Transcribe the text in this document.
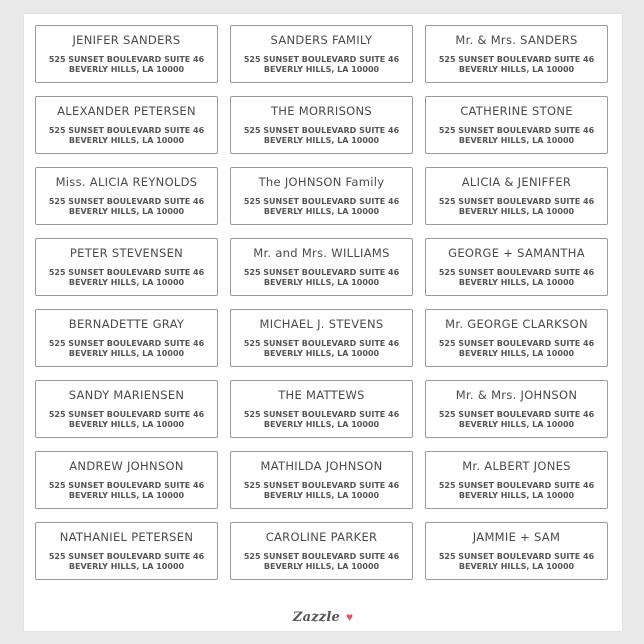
JENIFER SANDERS
525 SUNSET BOULEVARD SUITE 46
BEVERLY HILLS, LA 10000
SANDERS FAMILY
525 SUNSET BOULEVARD SUITE 46
BEVERLY HILLS, LA 10000
Mr. & Mrs. SANDERS
525 SUNSET BOULEVARD SUITE 46
BEVERLY HILLS, LA 10000
ALEXANDER PETERSEN
525 SUNSET BOULEVARD SUITE 46
BEVERLY HILLS, LA 10000
THE MORRISONS
525 SUNSET BOULEVARD SUITE 46
BEVERLY HILLS, LA 10000
CATHERINE STONE
525 SUNSET BOULEVARD SUITE 46
BEVERLY HILLS, LA 10000
Miss. ALICIA REYNOLDS
525 SUNSET BOULEVARD SUITE 46
BEVERLY HILLS, LA 10000
The JOHNSON Family
525 SUNSET BOULEVARD SUITE 46
BEVERLY HILLS, LA 10000
ALICIA & JENIFFER
525 SUNSET BOULEVARD SUITE 46
BEVERLY HILLS, LA 10000
PETER STEVENSEN
525 SUNSET BOULEVARD SUITE 46
BEVERLY HILLS, LA 10000
Mr. and Mrs. WILLIAMS
525 SUNSET BOULEVARD SUITE 46
BEVERLY HILLS, LA 10000
GEORGE + SAMANTHA
525 SUNSET BOULEVARD SUITE 46
BEVERLY HILLS, LA 10000
BERNADETTE GRAY
525 SUNSET BOULEVARD SUITE 46
BEVERLY HILLS, LA 10000
MICHAEL J. STEVENS
525 SUNSET BOULEVARD SUITE 46
BEVERLY HILLS, LA 10000
Mr. GEORGE CLARKSON
525 SUNSET BOULEVARD SUITE 46
BEVERLY HILLS, LA 10000
SANDY MARIENSEN
525 SUNSET BOULEVARD SUITE 46
BEVERLY HILLS, LA 10000
THE MATTEWS
525 SUNSET BOULEVARD SUITE 46
BEVERLY HILLS, LA 10000
Mr. & Mrs. JOHNSON
525 SUNSET BOULEVARD SUITE 46
BEVERLY HILLS, LA 10000
ANDREW JOHNSON
525 SUNSET BOULEVARD SUITE 46
BEVERLY HILLS, LA 10000
MATHILDA JOHNSON
525 SUNSET BOULEVARD SUITE 46
BEVERLY HILLS, LA 10000
Mr. ALBERT JONES
525 SUNSET BOULEVARD SUITE 46
BEVERLY HILLS, LA 10000
NATHANIEL PETERSEN
525 SUNSET BOULEVARD SUITE 46
BEVERLY HILLS, LA 10000
CAROLINE PARKER
525 SUNSET BOULEVARD SUITE 46
BEVERLY HILLS, LA 10000
JAMMIE + SAM
525 SUNSET BOULEVARD SUITE 46
BEVERLY HILLS, LA 10000
Zazzle ♥
